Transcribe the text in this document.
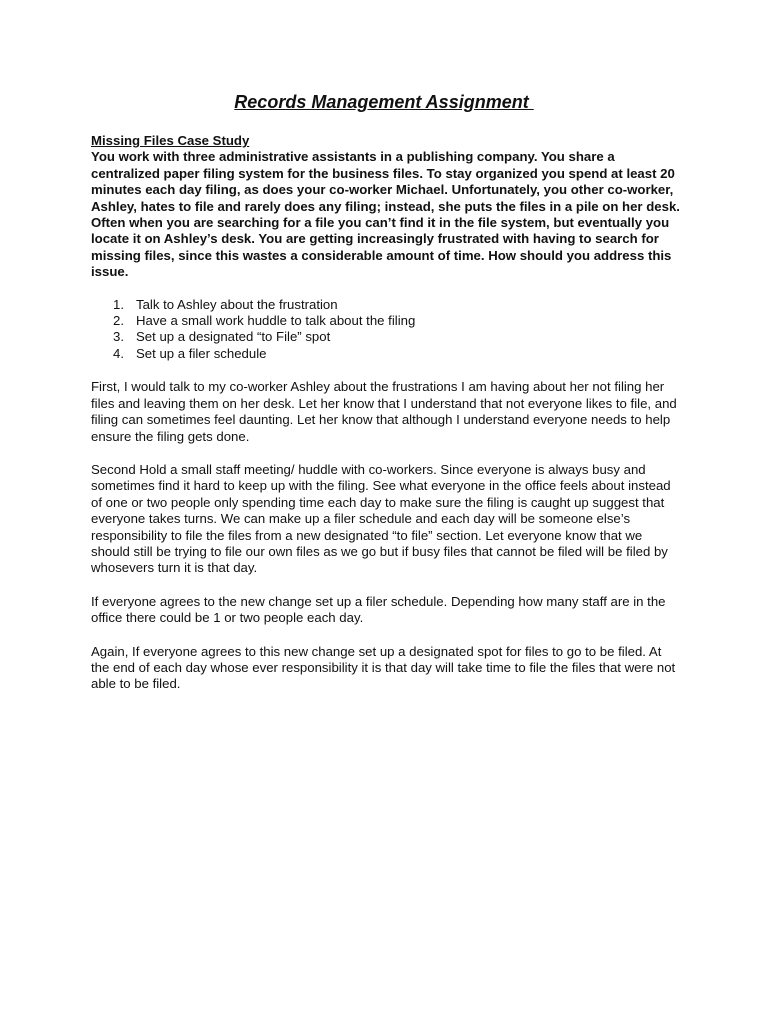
Records Management Assignment

Missing Files Case Study

You work with three administrative assistants in a publishing company. You share a centralized paper filing system for the business files. To stay organized you spend at least 20 minutes each day filing, as does your co-worker Michael. Unfortunately, you other co-worker, Ashley, hates to file and rarely does any filing; instead, she puts the files in a pile on her desk. Often when you are searching for a file you can’t find it in the file system, but eventually you locate it on Ashley’s desk. You are getting increasingly frustrated with having to search for missing files, since this wastes a considerable amount of time. How should you address this issue.

1. Talk to Ashley about the frustration
2. Have a small work huddle to talk about the filing
3. Set up a designated “to File” spot
4. Set up a filer schedule

First, I would talk to my co-worker Ashley about the frustrations I am having about her not filing her files and leaving them on her desk. Let her know that I understand that not everyone likes to file, and filing can sometimes feel daunting. Let her know that although I understand everyone needs to help ensure the filing gets done.

Second Hold a small staff meeting/ huddle with co-workers. Since everyone is always busy and sometimes find it hard to keep up with the filing. See what everyone in the office feels about instead of one or two people only spending time each day to make sure the filing is caught up suggest that everyone takes turns. We can make up a filer schedule and each day will be someone else’s responsibility to file the files from a new designated “to file” section. Let everyone know that we should still be trying to file our own files as we go but if busy files that cannot be filed will be filed by whosevers turn it is that day.

If everyone agrees to the new change set up a filer schedule. Depending how many staff are in the office there could be 1 or two people each day.

Again, If everyone agrees to this new change set up a designated spot for files to go to be filed. At the end of each day whose ever responsibility it is that day will take time to file the files that were not able to be filed.
